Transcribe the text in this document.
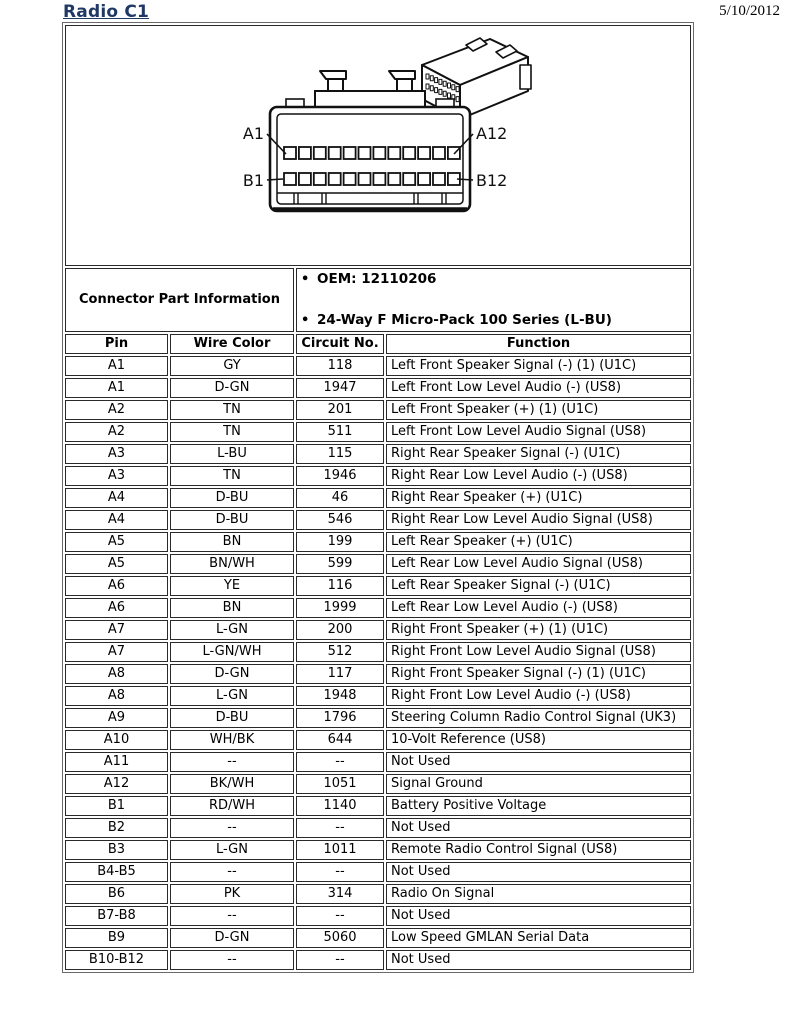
Radio C1	5/10/2012
A1 A12
B1 B12			

Connector Part Information		• OEM: 12110206
• 24-Way F Micro-Pack 100 Series (L-BU)	

Pin	Wire Color	Circuit No.	Function
A1	GY	118	Left Front Speaker Signal (-) (1) (U1C)
A1	D-GN	1947	Left Front Low Level Audio (-) (US8)
A2	TN	201	Left Front Speaker (+) (1) (U1C)
A2	TN	511	Left Front Low Level Audio Signal (US8)
A3	L-BU	115	Right Rear Speaker Signal (-) (U1C)
A3	TN	1946	Right Rear Low Level Audio (-) (US8)
A4	D-BU	46	Right Rear Speaker (+) (U1C)
A4	D-BU	546	Right Rear Low Level Audio Signal (US8)
A5	BN	199	Left Rear Speaker (+) (U1C)
A5	BN/WH	599	Left Rear Low Level Audio Signal (US8)
A6	YE	116	Left Rear Speaker Signal (-) (U1C)
A6	BN	1999	Left Rear Low Level Audio (-) (US8)
A7	L-GN	200	Right Front Speaker (+) (1) (U1C)
A7	L-GN/WH	512	Right Front Low Level Audio Signal (US8)
A8	D-GN	117	Right Front Speaker Signal (-) (1) (U1C)
A8	L-GN	1948	Right Front Low Level Audio (-) (US8)
A9	D-BU	1796	Steering Column Radio Control Signal (UK3)
A10	WH/BK	644	10-Volt Reference (US8)
A11	--	--	Not Used
A12	BK/WH	1051	Signal Ground
B1	RD/WH	1140	Battery Positive Voltage
B2	--	--	Not Used
B3	L-GN	1011	Remote Radio Control Signal (US8)
B4-B5	--	--	Not Used
B6	PK	314	Radio On Signal
B7-B8	--	--	Not Used
B9	D-GN	5060	Low Speed GMLAN Serial Data
B10-B12	--	--	Not Used
